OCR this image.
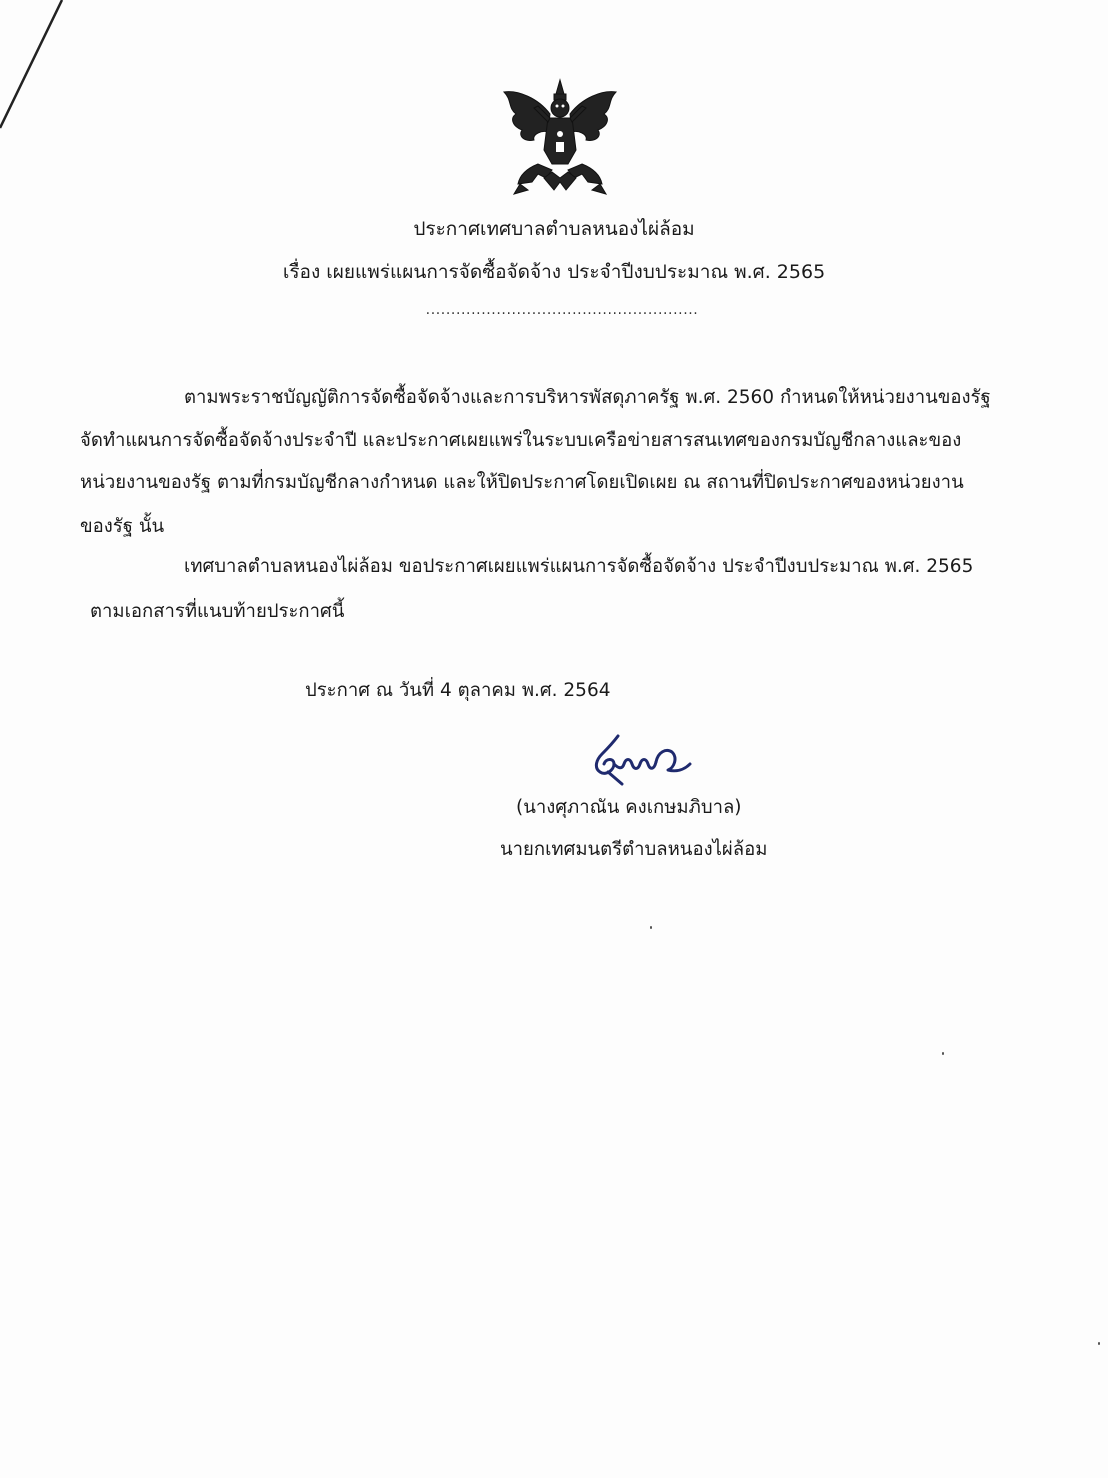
ประกาศเทศบาลตำบลหนองไผ่ล้อม
เรื่อง เผยแพร่แผนการจัดซื้อจัดจ้าง ประจำปีงบประมาณ พ.ศ. 2565
......................................................
ตามพระราชบัญญัติการจัดซื้อจัดจ้างและการบริหารพัสดุภาครัฐ พ.ศ. 2560 กำหนดให้หน่วยงานของรัฐ
จัดทำแผนการจัดซื้อจัดจ้างประจำปี และประกาศเผยแพร่ในระบบเครือข่ายสารสนเทศของกรมบัญชีกลางและของ
หน่วยงานของรัฐ ตามที่กรมบัญชีกลางกำหนด และให้ปิดประกาศโดยเปิดเผย ณ สถานที่ปิดประกาศของหน่วยงาน
ของรัฐ นั้น
เทศบาลตำบลหนองไผ่ล้อม ขอประกาศเผยแพร่แผนการจัดซื้อจัดจ้าง ประจำปีงบประมาณ พ.ศ. 2565
ตามเอกสารที่แนบท้ายประกาศนี้
ประกาศ ณ วันที่ 4 ตุลาคม พ.ศ. 2564
(นางศุภาณัน คงเกษมภิบาล)
นายกเทศมนตรีตำบลหนองไผ่ล้อม
